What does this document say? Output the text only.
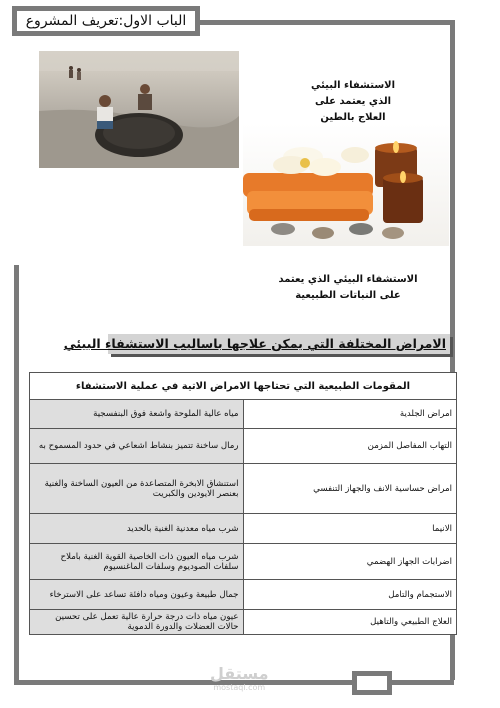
الباب الاول:تعريف المشروع

الاستشفاء البيئي
الذي يعتمد على
العلاج بالطين

الاستشفاء البيئي الذي يعتمد
على النباتات الطبيعية

الامراض المختلفة التي يمكن علاجها باساليب الاستشفاء البيئي
المقومات الطبيعية التي تحتاجها الامراض الاتية في عملية الاستشفاء	
امراض الجلدية	مياه عالية الملوحة واشعة فوق البنفسجية
التهاب المفاصل المزمن	رمال ساخنة تتميز بنشاط اشعاعي في حدود المسموح به
امراض حساسية الانف والجهاز التنفسي	استنشاق الابخرة المتصاعدة من العيون الساخنة والغنية بعنصر الايودين والكبريت
الانيما	شرب مياه معدنية الغنية بالحديد
اضرابات الجهاز الهضمي	شرب مياه العيون ذات الخاصية القوية الغنية باملاح سلفات الصوديوم وسلفات الماغنسيوم
الاستجمام والتامل	جمال طبيعة وعيون ومياه دافئة تساعد على الاسترخاء
العلاج الطبيعي والتاهيل	عيون مياه ذات درجة حرارة عالية تعمل على تحسين حالات العضلات والدورة الدموية
مستقل
mostaql.com
